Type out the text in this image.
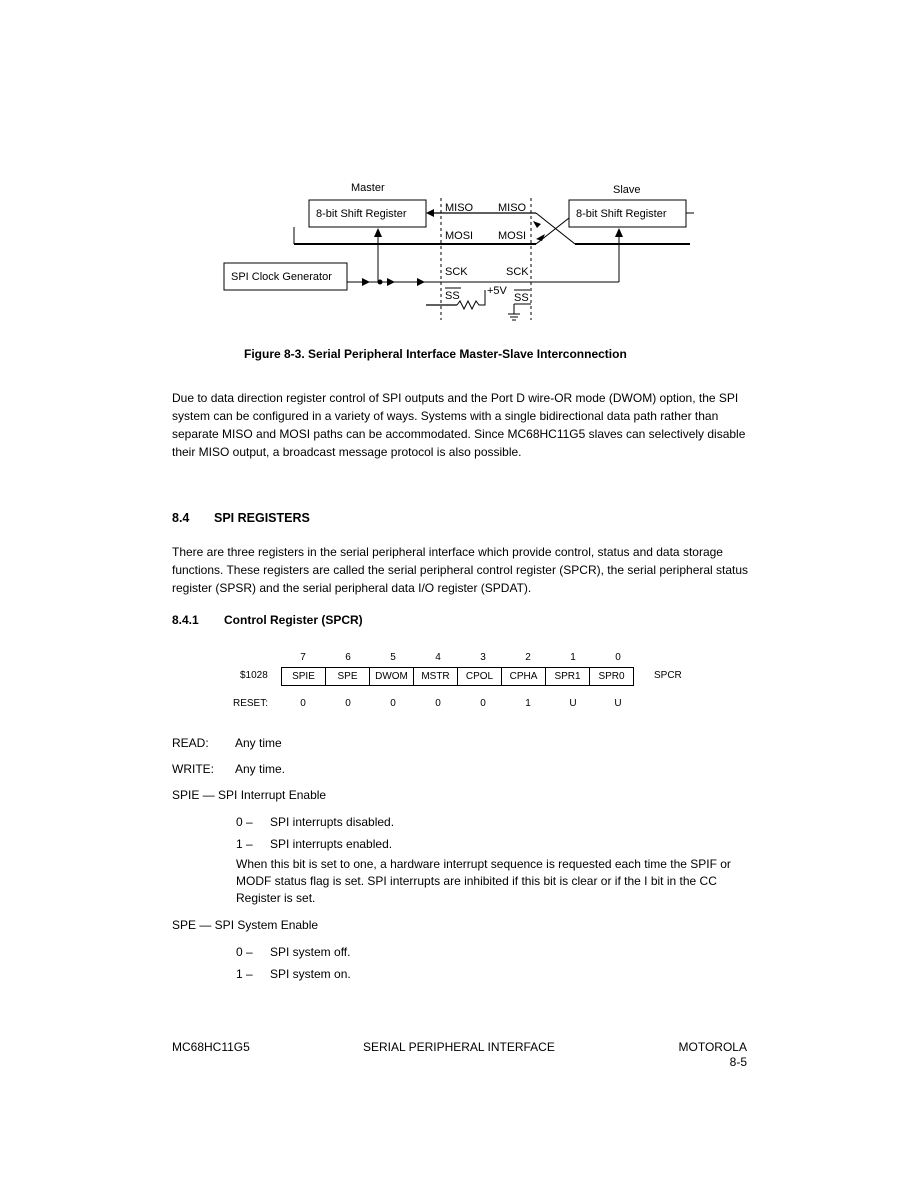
Master	Slave
8-bit Shift Register	8-bit Shift Register
SPI Clock Generator
MISO MISO
MOSI MOSI
SCK	SCK
SS	SS
+5V
Figure 8-3. Serial Peripheral Interface Master-Slave Interconnection
Due to data direction register control of SPI outputs and the Port D wire-OR mode (DWOM) option, the SPI system can be configured in a variety of ways. Systems with a single bidirectional data path rather than separate MISO and MOSI paths can be accommodated. Since MC68HC11G5 slaves can selectively disable their MISO output, a broadcast message protocol is also possible.
8.4 SPI REGISTERS
There are three registers in the serial peripheral interface which provide control, status and data storage functions. These registers are called the serial peripheral control register (SPCR), the serial peripheral status register (SPSR) and the serial peripheral data I/O register (SPDAT).
8.4.1 Control Register (SPCR)
7	6	5	4	3	2	1	0
$1028 SPIE	SPE	DWOM	MSTR	CPOL	CPHA	SPR1	SPR0	SPCR
RESET:	0	0	0	0	0	1	U	U
READ: Any time
WRITE: Any time.
SPIE — SPI Interrupt Enable
0 – SPI interrupts disabled.
1 – SPI interrupts enabled.
When this bit is set to one, a hardware interrupt sequence is requested each time the SPIF or MODF status flag is set. SPI interrupts are inhibited if this bit is clear or if the I bit in the CC Register is set.
SPE — SPI System Enable
0 – SPI system off.
1 – SPI system on.
MC68HC11G5	SERIAL PERIPHERAL INTERFACE	MOTOROLA
8-5
